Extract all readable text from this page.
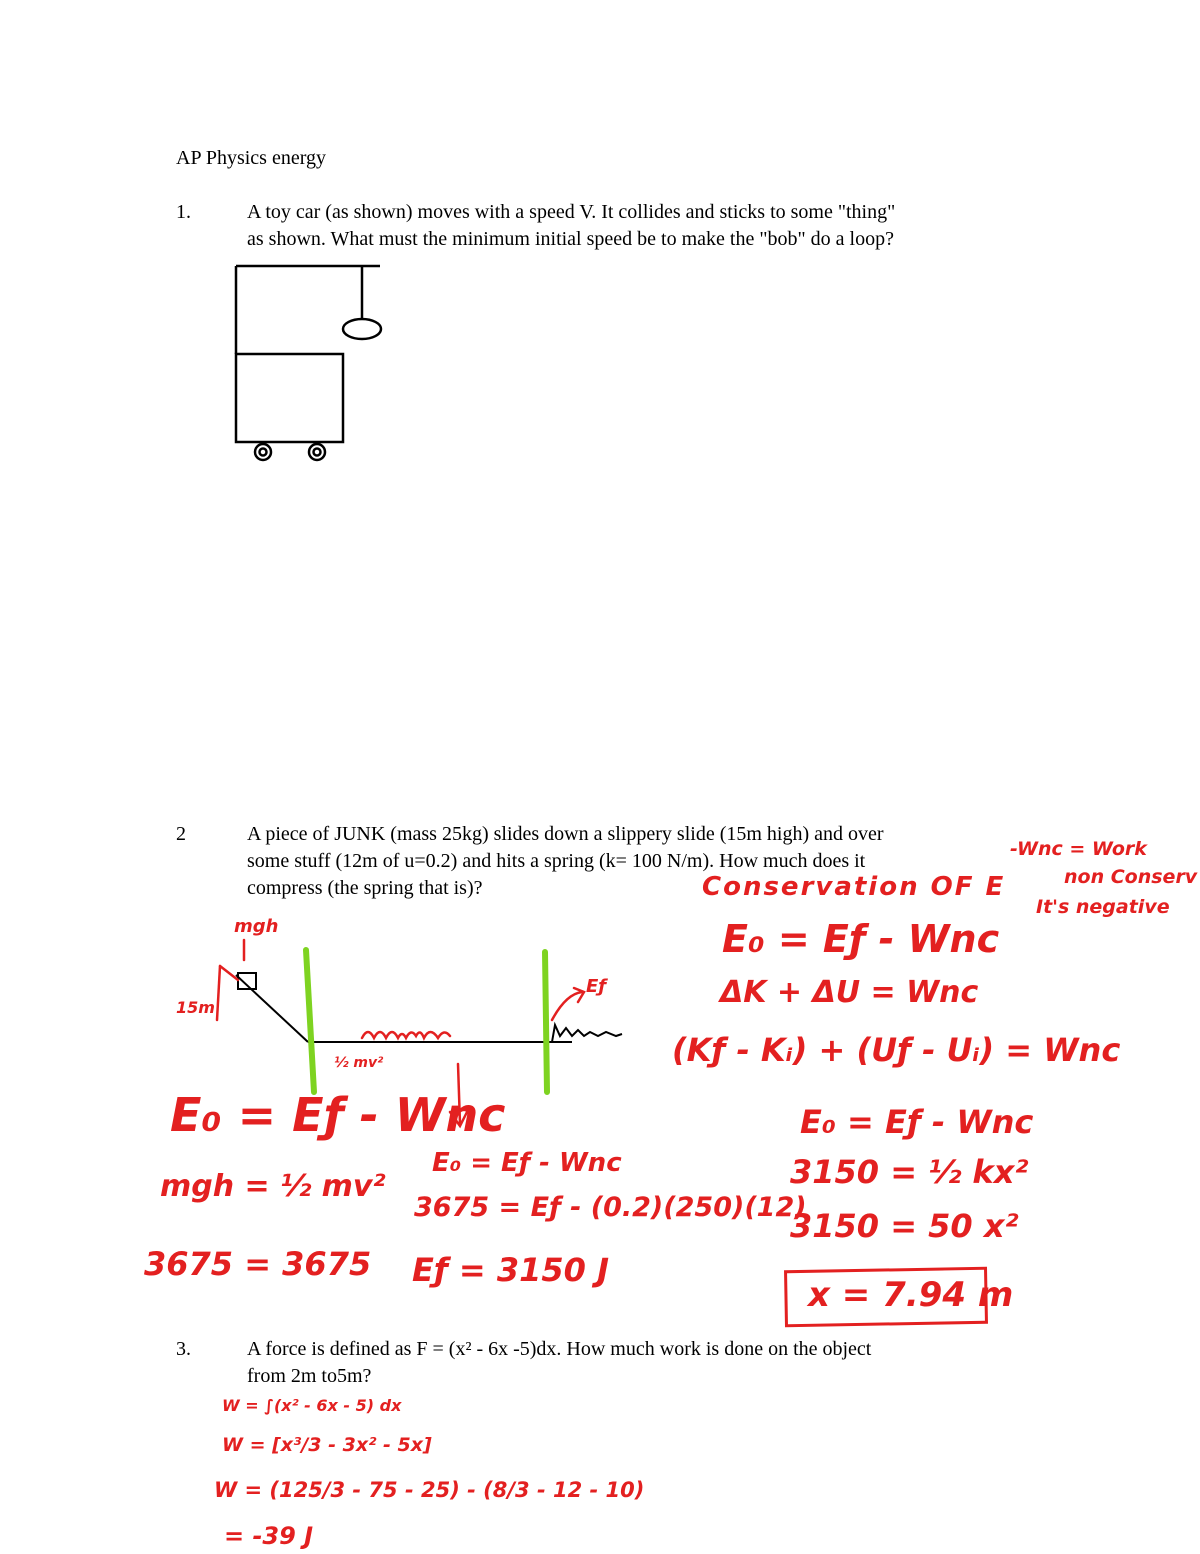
AP Physics energy

1.	A toy car (as shown) moves with a speed V. It collides and sticks to some "thing"

as shown. What must the minimum initial speed be to make the "bob" do a loop?

2	A piece of JUNK (mass 25kg) slides down a slippery slide (15m high) and over

some stuff (12m of u=0.2) and hits a spring (k= 100 N/m). How much does it

compress (the spring that is)?

mgh
15m
½ mv²
Eƒ
-Wnc = Work
non Conserv
It's negative
Conservation OF E
E₀ = Eƒ - Wnc
ΔK + ΔU = Wnc
(Kƒ - Kᵢ) + (Uƒ - Uᵢ) = Wnc
E₀ = Eƒ - Wnc
mgh = ½ mv²
3675 = 3675
E₀ = Eƒ - Wnc
3675 = Eƒ - (0.2)(250)(12)
Eƒ = 3150 J
E₀ = Eƒ - Wnc
3150 = ½ kx²
3150 = 50 x²
x = 7.94 m

3.	A force is defined as F = (x² - 6x -5)dx. How much work is done on the object

from 2m to5m?

W = ∫(x² - 6x - 5) dx
W = [x³/3 - 3x² - 5x]
W = (125/3 - 75 - 25) - (8/3 - 12 - 10)
= -39 J
